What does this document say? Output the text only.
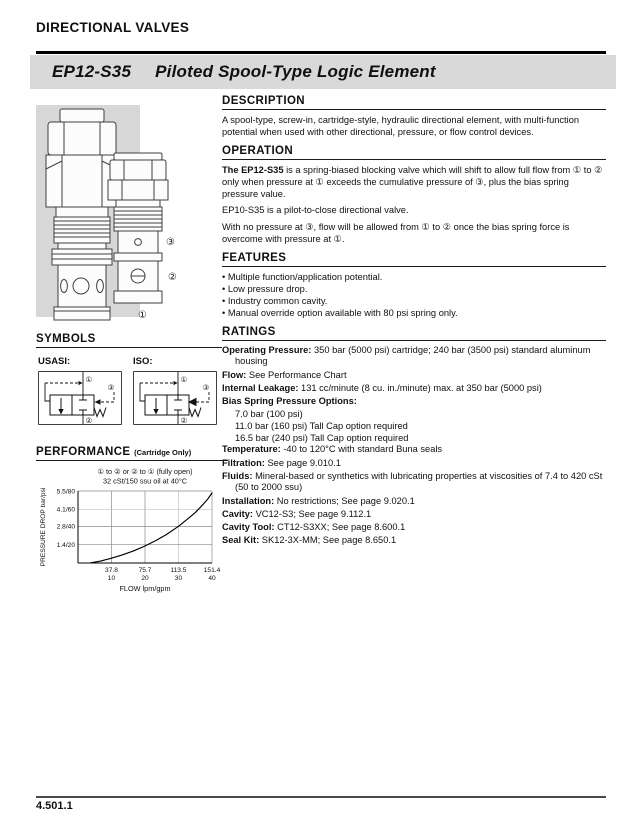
DIRECTIONAL VALVES
EP12-S35 Piloted Spool-Type Logic Element
③
②
①
SYMBOLS
USASI:
①
②
③
ISO:
①
②
③
PERFORMANCE (Cartridge Only)
1.4/20
2.8/40
4.1/60
5.5/80
37.8
10
75.7
20
113.5
30
151.4
40
① to ② or ② to ① (fully open)
32 cSt/150 ssu oil at 40°C
FLOW lpm/gpm
PRESSURE DROP bar/psi
DESCRIPTION
A spool-type, screw-in, cartridge-style, hydraulic directional element, with multi-function potential when used with other directional, pressure, or flow control devices.
OPERATION

The EP12-S35 is a spring-biased blocking valve which will shift to allow full flow from ① to ② only when pressure at ① exceeds the cumulative pressure of ③, plus the bias spring pressure value.

EP10-S35 is a pilot-to-close directional valve.

With no pressure at ③, flow will be allowed from ① to ② once the bias spring force is overcome with pressure at ①.

FEATURES
• Multiple function/application potential.
• Low pressure drop.
• Industry common cavity.
• Manual override option available with 80 psi spring only.
RATINGS
Operating Pressure: 350 bar (5000 psi) cartridge; 240 bar (3500 psi) standard aluminum housing
Flow: See Performance Chart
Internal Leakage: 131 cc/minute (8 cu. in./minute) max. at 350 bar (5000 psi)
Bias Spring Pressure Options:
7.0 bar (100 psi)
11.0 bar (160 psi) Tall Cap option required
16.5 bar (240 psi) Tall Cap option required
Temperature: -40 to 120°C with standard Buna seals
Filtration: See page 9.010.1
Fluids: Mineral-based or synthetics with lubricating properties at viscosities of 7.4 to 420 cSt (50 to 2000 ssu)
Installation: No restrictions; See page 9.020.1
Cavity: VC12-S3; See page 9.112.1
Cavity Tool: CT12-S3XX; See page 8.600.1
Seal Kit: SK12-3X-MM; See page 8.650.1
4.501.1
